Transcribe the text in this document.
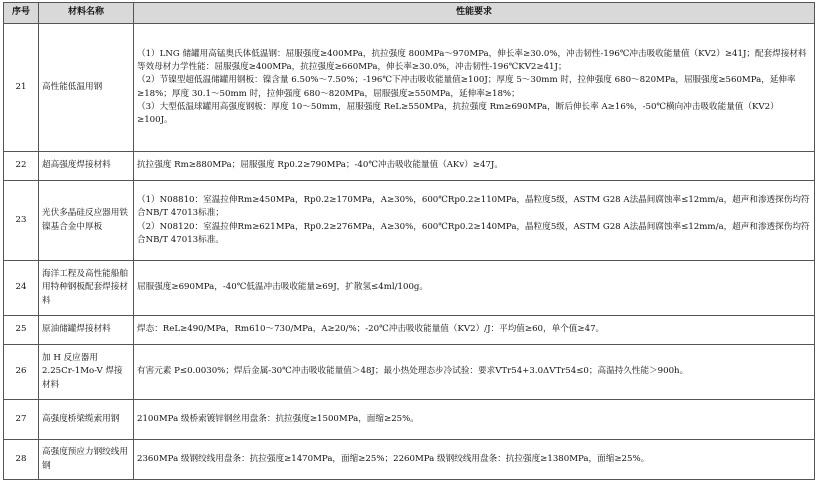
序号	材料名称	性能要求
21	高性能低温用钢	（1）LNG 储罐用高锰奥氏体低温钢：屈服强度≥400MPa，抗拉强度 800MPa～970MPa，伸长率≥30.0%，冲击韧性-196℃冲击吸收能量值（KV2）≥41J；配套焊接材料等效母材力学性能：屈服强度≥400MPa，抗拉强度≥660MPa，伸长率≥30.0%，冲击韧性-196℃KV2≥41J；
（2）节镍型超低温储罐用钢板：镍含量 6.50%～7.50%；-196℃下冲击吸收能量值≥100J；厚度 5～30mm 时，拉伸强度 680～820MPa，屈服强度≥560MPa，延伸率≥18%；厚度 30.1～50mm 时，拉伸强度 680～820MPa，屈服强度≥550MPa，延伸率≥18%；
（3）大型低温球罐用高强度钢板：厚度 10～50mm，屈服强度 ReL≥550MPa，抗拉强度 Rm≥690MPa，断后伸长率 A≥16%，-50℃横向冲击吸收能量值（KV2）≥100J。

22	超高强度焊接材料	抗拉强度 Rm≥880MPa；屈服强度 Rp0.2≥790MPa；-40℃冲击吸收能量值（AKv）≥47J。

23	光伏多晶硅反应器用铁镍基合金中厚板	（1）N08810：室温拉伸Rm≥450MPa，Rp0.2≥170MPa，A≥30%，600℃Rp0.2≥110MPa，晶粒度5级，ASTM G28 A法晶间腐蚀率≤12mm/a，超声和渗透探伤均符合NB/T 47013标准；
（2）N08120：室温拉伸Rm≥621MPa，Rp0.2≥276MPa，A≥30%，600℃Rp0.2≥140MPa，晶粒度5级，ASTM G28 A法晶间腐蚀率≤12mm/a，超声和渗透探伤均符合NB/T 47013标准。

24	海洋工程及高性能船舶用特种钢板配套焊接材料	屈服强度≥690MPa，-40℃低温冲击吸收能量≥69J，扩散氢≤4ml/100g。

25	原油储罐焊接材料	焊态：ReL≥490/MPa，Rm610～730/MPa，A≥20/%；-20℃冲击吸收能量值（KV2）/J：平均值≥60，单个值≥47。

26	加 H 反应器用 2.25Cr-1Mo-V 焊接材料	有害元素 P≤0.0030%；焊后金属-30℃冲击吸收能量值＞48J；最小热处理态步冷试验：要求VTr54+3.0ΔVTr54≤0；高温持久性能＞900h。

27	高强度桥梁缆索用钢	2100MPa 级桥索镀锌钢丝用盘条：抗拉强度≥1500MPa，面缩≥25%。

28	高强度预应力钢绞线用钢	2360MPa 级钢绞线用盘条：抗拉强度≥1470MPa，面缩≥25%；2260MPa 级钢绞线用盘条：抗拉强度≥1380MPa，面缩≥25%。
